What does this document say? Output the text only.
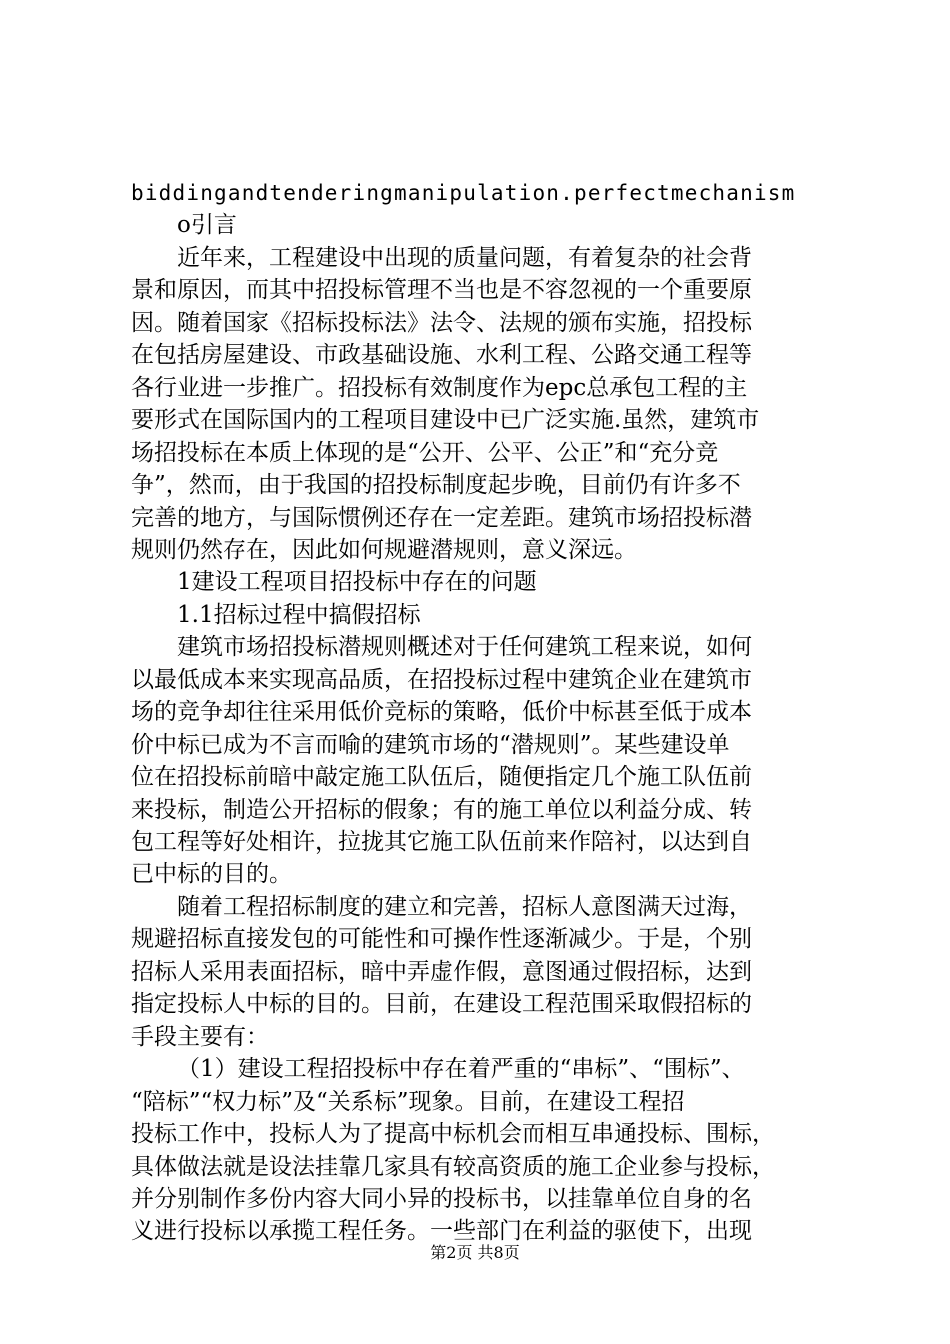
biddingandtenderingmanipulation.perfectmechanism
o引言
近年来，工程建设中出现的质量问题，有着复杂的社会背
景和原因，而其中招投标管理不当也是不容忽视的一个重要原
因。随着国家《招标投标法》法令、法规的颁布实施，招投标
在包括房屋建设、市政基础设施、水利工程、公路交通工程等
各行业进一步推广。招投标有效制度作为epc总承包工程的主
要形式在国际国内的工程项目建设中已广泛实施.虽然，建筑市
场招投标在本质上体现的是“公开、公平、公正”和“充分竞
争”，然而，由于我国的招投标制度起步晚，目前仍有许多不
完善的地方，与国际惯例还存在一定差距。建筑市场招投标潜
规则仍然存在，因此如何规避潜规则，意义深远。
1建设工程项目招投标中存在的问题
1.1招标过程中搞假招标
建筑市场招投标潜规则概述对于任何建筑工程来说，如何
以最低成本来实现高品质，在招投标过程中建筑企业在建筑市
场的竞争却往往采用低价竞标的策略，低价中标甚至低于成本
价中标已成为不言而喻的建筑市场的“潜规则”。某些建设单
位在招投标前暗中敲定施工队伍后，随便指定几个施工队伍前
来投标，制造公开招标的假象；有的施工单位以利益分成、转
包工程等好处相许，拉拢其它施工队伍前来作陪衬，以达到自
已中标的目的。
随着工程招标制度的建立和完善，招标人意图满天过海，
规避招标直接发包的可能性和可操作性逐渐减少。于是，个别
招标人采用表面招标，暗中弄虚作假，意图通过假招标，达到
指定投标人中标的目的。目前，在建设工程范围采取假招标的
手段主要有：
（1）建设工程招投标中存在着严重的“串标”、“围标”、
“陪标”“权力标”及“关系标”现象。目前，在建设工程招
投标工作中，投标人为了提高中标机会而相互串通投标、围标，
具体做法就是设法挂靠几家具有较高资质的施工企业参与投标，
并分别制作多份内容大同小异的投标书，以挂靠单位自身的名
义进行投标以承揽工程任务。一些部门在利益的驱使下，出现
第2页 共8页
